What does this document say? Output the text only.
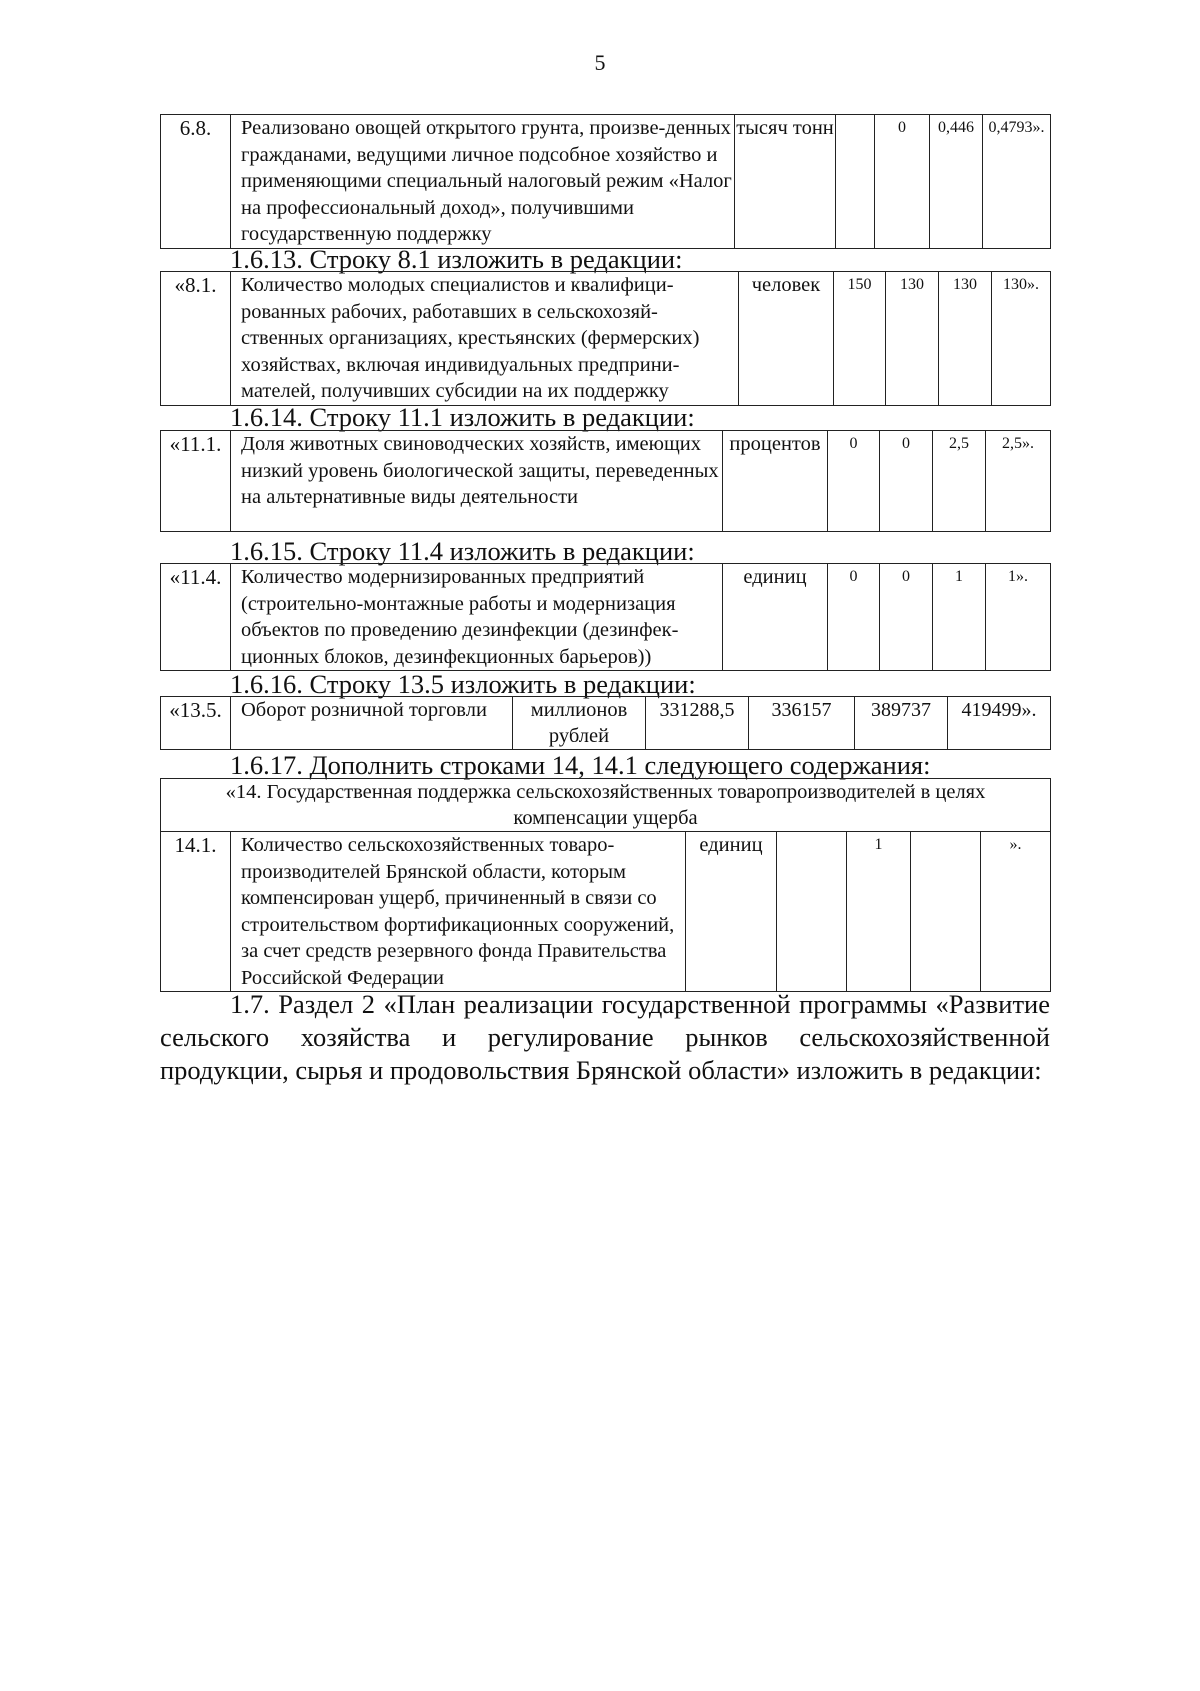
5
6.8.	Реализовано овощей открытого грунта, произве-денных гражданами, ведущими личное подсобное хозяйство и применяющими специальный налоговый режим «Налог на профессиональный доход», получившими государственную поддержку	тысяч тонн		0	0,446	0,4793».
1.6.13. Строку 8.1 изложить в редакции:
«8.1.	Количество молодых специалистов и квалифици-рованных рабочих, работавших в сельскохозяй-ственных организациях, крестьянских (фермерских) хозяйствах, включая индивидуальных предприни-мателей, получивших субсидии на их поддержку	человек	150	130	130	130».
1.6.14. Строку 11.1 изложить в редакции:
«11.1.	Доля животных свиноводческих хозяйств, имеющих низкий уровень биологической защиты, переведенных на альтернативные виды деятельности	процентов	0	0	2,5	2,5».
1.6.15. Строку 11.4 изложить в редакции:
«11.4.	Количество модернизированных предприятий (строительно-монтажные работы и модернизация объектов по проведению дезинфекции (дезинфек-ционных блоков, дезинфекционных барьеров))	единиц	0	0	1	1».
1.6.16. Строку 13.5 изложить в редакции:
«13.5.	Оборот розничной торговли	миллионов рублей	331288,5	336157	389737	419499».
1.6.17. Дополнить строками 14, 14.1 следующего содержания:
«14. Государственная поддержка сельскохозяйственных товаропроизводителей в целях компенсации ущерба
14.1.	Количество сельскохозяйственных товаро-производителей Брянской области, которым компенсирован ущерб, причиненный в связи со строительством фортификационных сооружений, за счет средств резервного фонда Правительства Российской Федерации	единиц		1		».
1.7. Раздел 2 «План реализации государственной программы «Развитие
сельского хозяйства и регулирование рынков сельскохозяйственной
продукции, сырья и продовольствия Брянской области» изложить в редакции:
